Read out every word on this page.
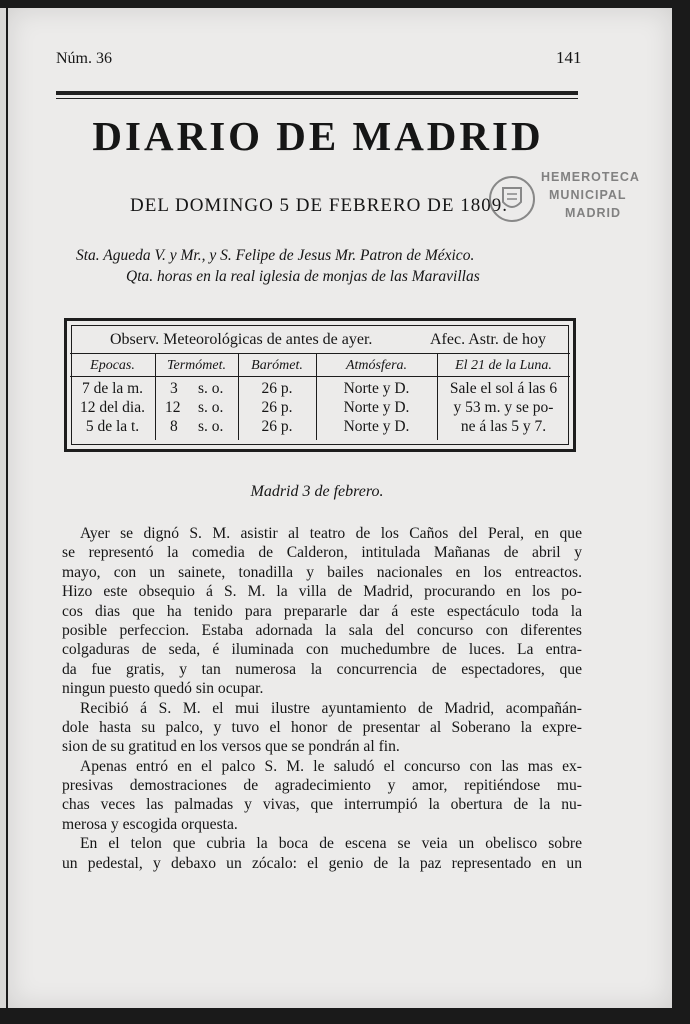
Núm. 36	141
DIARIO DE MADRID
DEL DOMINGO 5 DE FEBRERO DE 1809.
HEMEROTECA
MUNICIPAL
MADRID
Sta. Agueda V. y Mr., y S. Felipe de Jesus Mr. Patron de México.
Qta. horas en la real iglesia de monjas de las Maravillas
Observ. Meteorológicas de antes de ayer.	Afec. Astr. de hoy
Epocas.	Termómet.	Barómet.	Atmósfera.	El 21 de la Luna.
7 de la m.	3 s. o.	26 p.	Norte y D.	Sale el sol á las 6
12 del dia.	12 s. o.	26 p.	Norte y D.	y 53 m. y se po-
5 de la t.	8 s. o.	26 p.	Norte y D.	ne á las 5 y 7.
Madrid 3 de febrero.
Ayer se dignó S. M. asistir al teatro de los Caños del Peral, en que
se representó la comedia de Calderon, intitulada Mañanas de abril y
mayo, con un sainete, tonadilla y bailes nacionales en los entreactos.
Hizo este obsequio á S. M. la villa de Madrid, procurando en los po-
cos dias que ha tenido para prepararle dar á este espectáculo toda la
posible perfeccion. Estaba adornada la sala del concurso con diferentes
colgaduras de seda, é iluminada con muchedumbre de luces. La entra-
da fue gratis, y tan numerosa la concurrencia de espectadores, que
ningun puesto quedó sin ocupar.
Recibió á S. M. el mui ilustre ayuntamiento de Madrid, acompañán-
dole hasta su palco, y tuvo el honor de presentar al Soberano la expre-
sion de su gratitud en los versos que se pondrán al fin.
Apenas entró en el palco S. M. le saludó el concurso con las mas ex-
presivas demostraciones de agradecimiento y amor, repitiéndose mu-
chas veces las palmadas y vivas, que interrumpió la obertura de la nu-
merosa y escogida orquesta.
En el telon que cubria la boca de escena se veia un obelisco sobre
un pedestal, y debaxo un zócalo: el genio de la paz representado en un
